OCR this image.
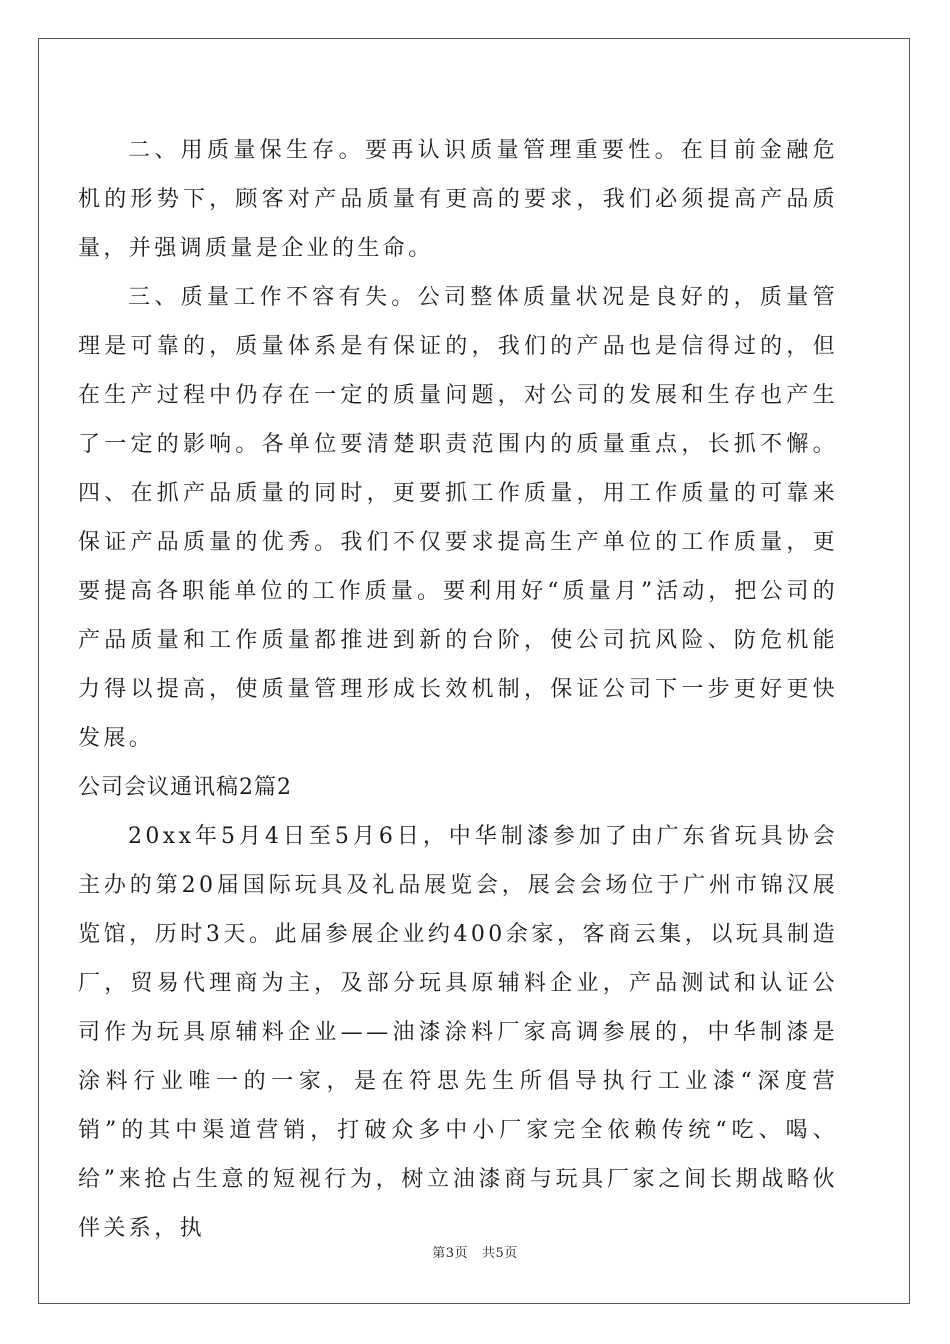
二、用质量保生存。要再认识质量管理重要性。在目前金融危机的形势下，顾客对产品质量有更高的要求，我们必须提高产品质量，并强调质量是企业的生命。

三、质量工作不容有失。公司整体质量状况是良好的，质量管理是可靠的，质量体系是有保证的，我们的产品也是信得过的，但在生产过程中仍存在一定的质量问题，对公司的发展和生存也产生了一定的影响。各单位要清楚职责范围内的质量重点，长抓不懈。四、在抓产品质量的同时，更要抓工作质量，用工作质量的可靠来保证产品质量的优秀。我们不仅要求提高生产单位的工作质量，更要提高各职能单位的工作质量。要利用好“质量月”活动，把公司的产品质量和工作质量都推进到新的台阶，使公司抗风险、防危机能力得以提高，使质量管理形成长效机制，保证公司下一步更好更快发展。

公司会议通讯稿2篇2

20xx年5月4日至5月6日，中华制漆参加了由广东省玩具协会主办的第20届国际玩具及礼品展览会，展会会场位于广州市锦汉展览馆，历时3天。此届参展企业约400余家，客商云集，以玩具制造厂，贸易代理商为主，及部分玩具原辅料企业，产品测试和认证公司作为玩具原辅料企业——油漆涂料厂家高调参展的，中华制漆是涂料行业唯一的一家，是在符思先生所倡导执行工业漆“深度营销”的其中渠道营销，打破众多中小厂家完全依赖传统“吃、喝、给”来抢占生意的短视行为，树立油漆商与玩具厂家之间长期战略伙伴关系，执

第3页 共5页
